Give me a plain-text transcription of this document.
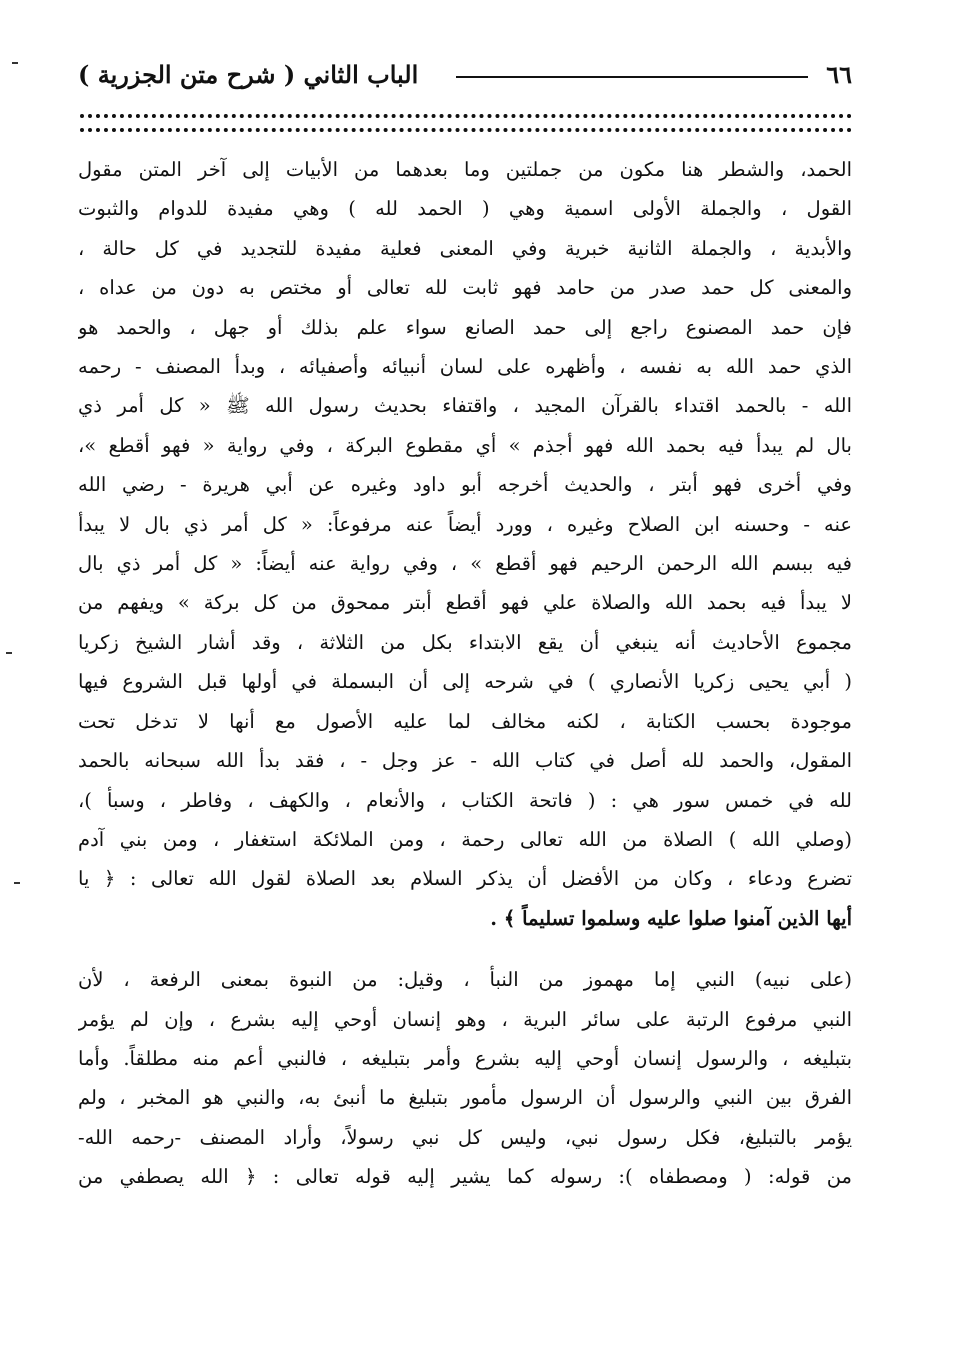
٦٦
الباب الثاني ( شرح متن الجزرية )
الحمد، والشطر هنا مكون من جملتين وما بعدهما من الأبيات إلى آخر المتن مقول
القول ، والجملة الأولى اسمية وهي ( الحمد لله ) وهي مفيدة للدوام والثبوت
والأبدية ، والجملة الثانية خبرية وفي المعنى فعلية مفيدة للتجديد في كل حالة ،
والمعنى كل حمد صدر من حامد فهو ثابت لله تعالى أو مختص به دون من عداه ،
فإن حمد المصنوع راجع إلى حمد الصانع سواء علم بذلك أو جهل ، والحمد هو
الذي حمد الله به نفسه ، وأظهره على لسان أنبيائه وأصفيائه ، وبدأ المصنف - رحمه
الله - بالحمد اقتداء بالقرآن المجيد ، واقتفاء بحديث رسول الله ﷺ « كل أمر ذي
بال لم يبدأ فيه بحمد الله فهو أجذم » أي مقطوع البركة ، وفي رواية « فهو أقطع »،
وفي أخرى فهو أبتر ، والحديث أخرجه أبو داود وغيره عن أبي هريرة - رضي الله
عنه - وحسنه ابن الصلاح وغيره ، وورد أيضاً عنه مرفوعاً: « كل أمر ذي بال لا يبدأ
فيه ببسم الله الرحمن الرحيم فهو أقطع » ، وفي رواية عنه أيضاً: « كل أمر ذي بال
لا يبدأ فيه بحمد الله والصلاة علي فهو أقطع أبتر ممحوق من كل بركة » ويفهم من
مجموع الأحاديث أنه ينبغي أن يقع الابتداء بكل من الثلاثة ، وقد أشار الشيخ زكريا
( أبي يحيى زكريا الأنصاري ) في شرحه إلى أن البسملة في أولها قبل الشروع فيها
موجودة بحسب الكتابة ، لكنه مخالف لما عليه الأصول مع أنها لا تدخل تحت
المقول، والحمد لله أصل في كتاب الله - عز وجل - ، فقد بدأ الله سبحانه بالحمد
لله في خمس سور هي : ( فاتحة الكتاب ، والأنعام ، والكهف ، وفاطر ، وسبأ )،
(وصلي الله ) الصلاة من الله تعالى رحمة ، ومن الملائكة استغفار ، ومن بني آدم
تضرع ودعاء ، وكان من الأفضل أن يذكر السلام بعد الصلاة لقول الله تعالى : ﴿ يا
أيها الذين آمنوا صلوا عليه وسلموا تسليماً ﴾ .
(على نبيه) النبي إما مهموز من النبأ ، وقيل: من النبوة بمعنى الرفعة ، لأن
النبي مرفوع الرتبة على سائر البرية ، وهو إنسان أوحي إليه بشرع ، وإن لم يؤمر
بتبليغه ، والرسول إنسان أوحي إليه بشرع وأمر بتبليغه ، فالنبي أعم منه مطلقاً. وأما
الفرق بين النبي والرسول أن الرسول مأمور بتبليغ ما أنبئ به، والنبي هو المخبر ، ولم
يؤمر بالتبليغ، فكل رسول نبي، وليس كل نبي رسولاً، وأراد المصنف -رحمه الله-
من قوله: ( ومصطفاه ): رسوله كما يشير إليه قوله تعالى : ﴿ الله يصطفي من
